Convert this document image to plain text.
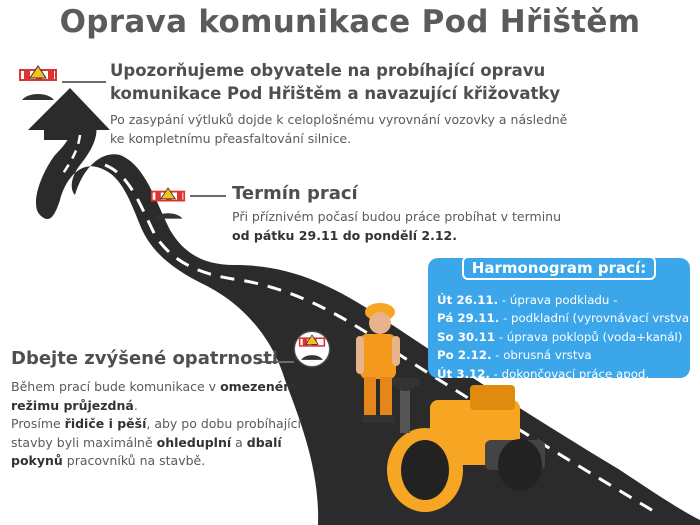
Oprava komunikace Pod Hřištěm
Upozorňujeme obyvatele na probíhající opravu
komunikace Pod Hřištěm a navazující křižovatky
Po zasypání výtluků dojde k celoplošnému vyrovnání vozovky a následně ke kompletnímu přeasfaltování silnice.
Termín prací
Při příznivém počasí budou práce probíhat v terminu
od pátku 29.11 do pondělí 2.12.
Dbejte zvýšené opatrnosti
Během prací bude komunikace v omezeném režimu průjezdná.
Prosíme řidiče i pěší, aby po dobu probíhající stavby byli maximálně ohleduplní a dbalí pokynů pracovníků na stavbě.
Harmonogram prací:
Út 26.11. - úprava podkladu -
Pá 29.11. - podkladní (vyrovnávací vrstva)
So 30.11 - úprava poklopů (voda+kanál)
Po 2.12. - obrusná vrstva
Út 3.12. - dokončovací práce apod.
